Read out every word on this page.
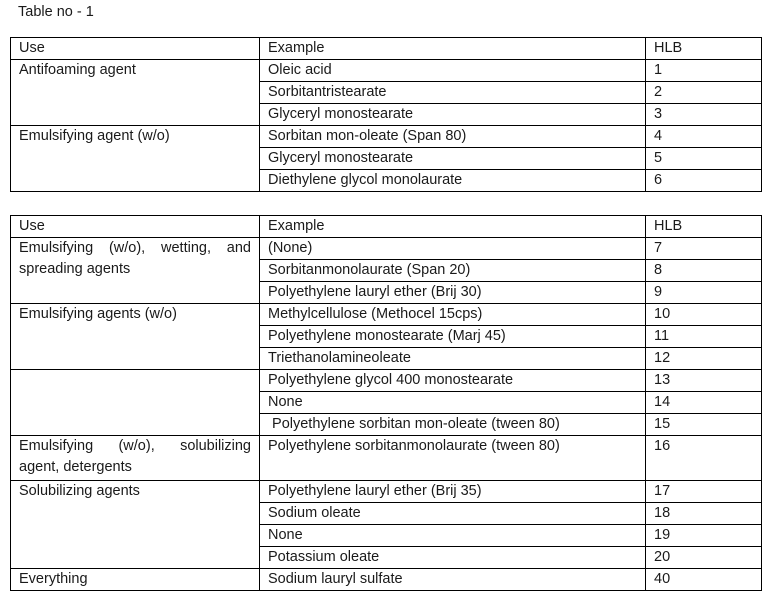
Table no - 1
Use	Example	HLB
Antifoaming agent	Oleic acid	1
	Sorbitantristearate	2
	Glyceryl monostearate	3
Emulsifying agent (w/o)	Sorbitan mon-oleate (Span 80)	4
	Glyceryl monostearate	5
	Diethylene glycol monolaurate	6
Use	Example	HLB
Emulsifying (w/o), wetting, and spreading agents	(None)	7
	Sorbitanmonolaurate (Span 20)	8
	Polyethylene lauryl ether (Brij 30)	9
Emulsifying agents (w/o)	Methylcellulose (Methocel 15cps)	10
	Polyethylene monostearate (Marj 45)	11
	Triethanolamineoleate	12
	Polyethylene glycol 400 monostearate	13
	None	14
	Polyethylene sorbitan mon-oleate (tween 80)	15
Emulsifying (w/o), solubilizing agent, detergents	Polyethylene sorbitanmonolaurate (tween 80)	16
Solubilizing agents	Polyethylene lauryl ether (Brij 35)	17
	Sodium oleate	18
	None	19
	Potassium oleate	20
Everything	Sodium lauryl sulfate	40
